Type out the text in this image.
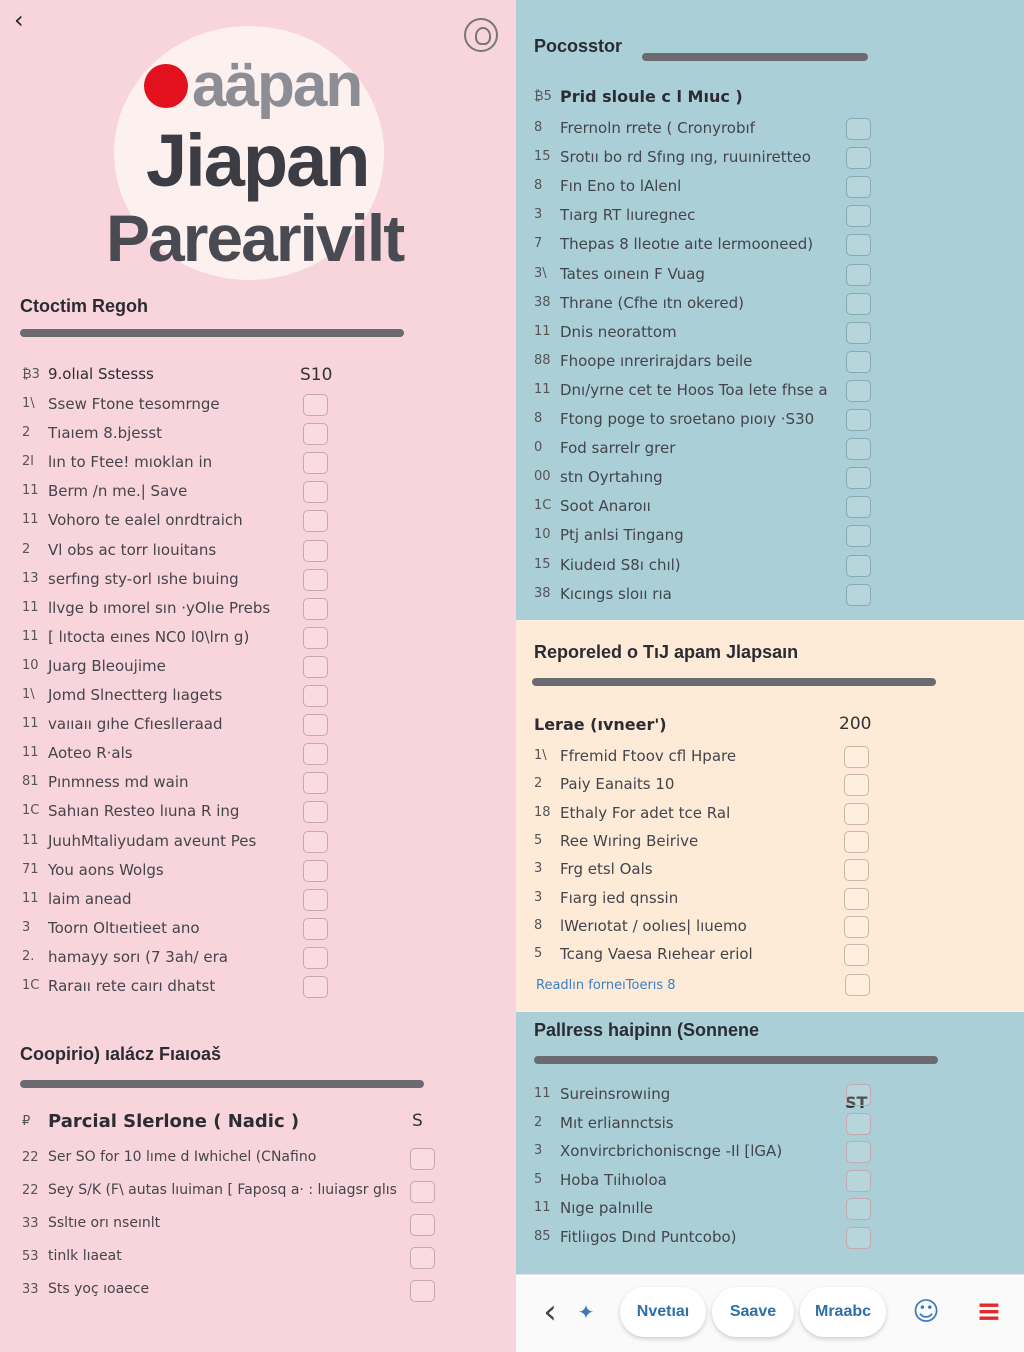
‹
aäpan
Jiapan
Parearivilt
Ctoctim Regoh
₿3 9.olıal Sstesss	S10
1\ Ssew Ftone tesomrnge
2	Tıaıem 8.bjesst
2l lın to Ftee! mıoklan in
11 Berm /n me.| Save
11 Vohoro te ealel onrdtraich
2	Vl obs ac torr lıouitans
13 serfıng sty-orl ıshe bıuing
11 llvge b ımorel sın ·yOlıe Prebs
11 [ lıtocta eınes NC0 l0\lrn g)
10 Juarg Bleoujime
1\ Jomd Slnectterg lıagets
11 vaııaıı gıhe Cfıeslleraad
11 Aoteo R·als
81 Pınmness md wain
1C Sahıan Resteo lıuna R ing
11 JuuhMtaliyudam aveunt Pes
71 You aons Wolgs
11 laim anead
3	Toorn Oltıeıtieet ano
2. hamayy sorı (7 3ah/ era
1C Raraıı rete caırı dhatst
Coopirio) ıalácz Fıaıoaš
₽ Parcial Slerlone ( Nadic )	S
22 Ser SO for 10 lıme d Iwhichel (CNafino
22 Sey S/K (F\ autas lıuiman [ Faposq a· : lıuiagsr glıs
33 Ssltıe orı nseınlt
53 tinlk lıaeat
33 Sts yoç ıoaece
Pocosstor
₿5 Prid sloule c l Mıuc )
8	Frernoln rrete ( Cronyrobıf
15 Srotıı bo rd Sfıng ıng, ruuıniretteo
8	Fın Eno to lAlenl
3	Tıarg RT lıuregnec
7	Thepas 8 lleotıe aıte lermooneed)
3\ Tates oıneın F Vuag
38 Thrane (Cfhe ıtn okered)
11 Dnis neorattom
88 Fhoope ınrerirajdars beile
11 Dnı/yrne cet te Hoos Toa lete fhse a
8	Ftong poge to sroetano pıoıy ·S30
0	Fod sarrelr grer
00 stn Oyrtahıng
1C Soot Anaroıı
10 Ptj anlsi Tingang
15 Kiudeıd S8ı chıl)
38 Kıcıngs sloıı rıa
Reporeled o TıJ apam Jlapsaın
Lerae (ıvneer')	200
1\ Ffremid Ftoov cfl Hpare
2	Paiy Eanaits 10
18 Ethaly For adet tce Ral
5	Ree Wıring Beirive
3	Frg etsl Oals
3	Fıarg ied qnssin
8	lWerıotat / oolıes| lıuemo
5	Tcang Vaesa Rıehear eriol
Readlın forneıToerıs 8
Pallress haipinn (Sonnene
ST
11 Sureinsrowıing
2	Mıt erliannctsis
3	Xonvircbrichoniscnge -Il [lGA)
5	Hoba Tıihıoloa
11 Nıge palnılle
85 Fitliıgos Dınd Puntcobo)
‹ ✦	Nvetıaı	Saave	Mraabc	☺ ≡
